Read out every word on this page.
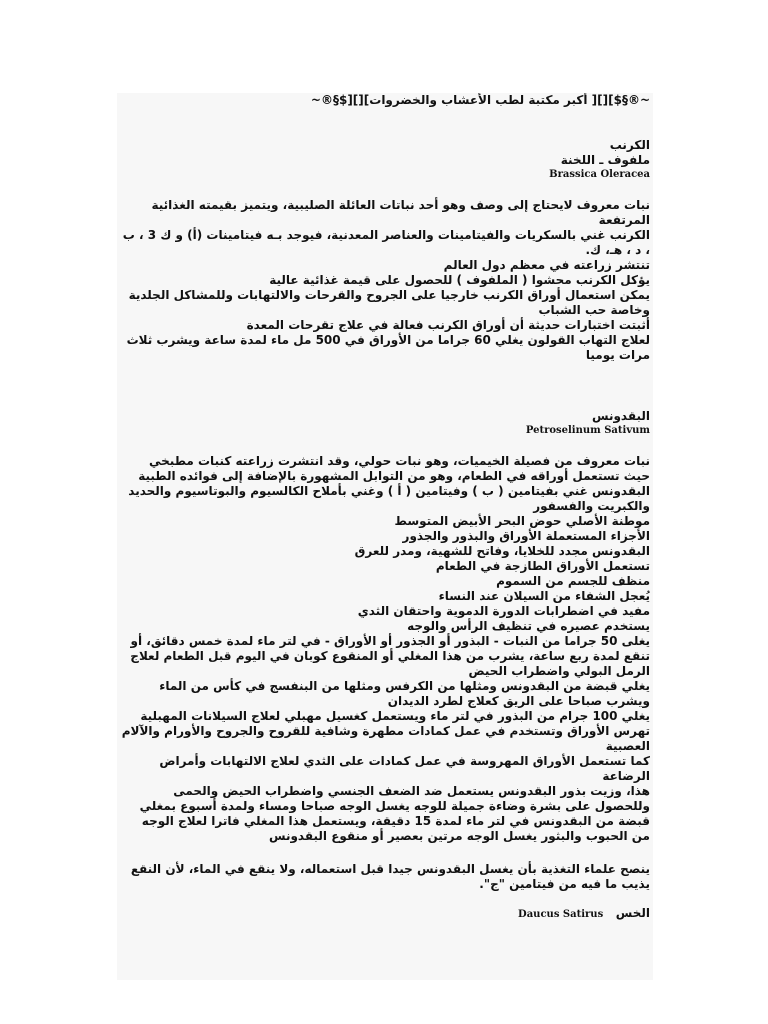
~®§$][][ أكبر مكتبة لطب الأعشاب والخضروات][][$§®~
الكرنب
ملفوف ـ اللخنة
Brassica Oleracea
نبات معروف لايحتاج إلى وصف وهو أحد نباتات العائلة الصليبية، ويتميز بقيمته الغذائية المرتفعة
الكرنب غني بالسكريات والفيتامينات والعناصر المعدنية، فيوجد بـه فيتامينات (أ) و ك 3 ، ب ، د ، هـ، ك.
تنتشر زراعته في معظم دول العالم
يؤكل الكرنب محشوا ( الملفوف ) للحصول على قيمة غذائية عالية
يمكن استعمال أوراق الكرنب خارجيا على الجروح والقرحات والالتهابات وللمشاكل الجلدية وخاصة حب الشباب
أثبتت اختبارات حديثة أن أوراق الكرنب فعالة في علاج تقرحات المعدة
لعلاج التهاب القولون يغلي 60 جراما من الأوراق في 500 مل ماء لمدة ساعة ويشرب ثلاث مرات يوميا
البقدونس
Petroselinum Sativum
نبات معروف من فصيلة الخيميات، وهو نبات حولي، وقد انتشرت زراعته كنبات مطبخي حيث تستعمل أوراقه في الطعام، وهو من التوابل المشهورة بالإضافة إلى فوائده الطبية
البقدونس غني بفيتامين ( ب ) وفيتامين ( أ ) وغني بأملاح الكالسيوم والبوتاسيوم والحديد والكبريت والفسفور
موطنة الأصلي حوض البحر الأبيض المتوسط
الأجزاء المستعملة الأوراق والبذور والجذور
البقدونس مجدد للخلايا، وفاتح للشهية، ومدر للعرق
تستعمل الأوراق الطازجة في الطعام
منظف للجسم من السموم
يُعجل الشفاء من السيلان عند النساء
مفيد في اضطرابات الدورة الدموية واحتقان الثدي
يستخدم عصيره في تنظيف الرأس والوجه
يغلى 50 جراما من النبات - البذور أو الجذور أو الأوراق - في لتر ماء لمدة خمس دقائق، أو تنقع لمدة ربع ساعة، يشرب من هذا المغلي أو المنقوع كوبان في اليوم قبل الطعام لعلاج الرمل البولي واضطراب الحيض
يغلي قبضة من البقدونس ومثلها من الكرفس ومثلها من البنفسج في كأس من الماء ويشرب صباحا على الريق كعلاج لطرد الديدان
يغلي 100 جرام من البذور في لتر ماء ويستعمل كغسيل مهبلي لعلاج السيلانات المهبلية
تهرس الأوراق وتستخدم في عمل كمادات مطهرة وشافية للقروح والجروح والأورام والآلام العصبية
كما تستعمل الأوراق المهروسة في عمل كمادات على الثدي لعلاج الالتهابات وأمراض الرضاعة
هذا، وزيت بذور البقدونس يستعمل ضد الضعف الجنسي واضطراب الحيض والحمى وللحصول على بشرة وضاءة جميلة للوجه يغسل الوجه صباحا ومساء ولمدة أسبوع بمغلي قبضة من البقدونس في لتر ماء لمدة 15 دقيقة، ويستعمل هذا المغلي فاترا لعلاج الوجه من الحبوب والبثور يغسل الوجه مرتين بعصير أو منقوع البقدونس
ينصح علماء التغذية بأن يغسل البقدونس جيدا قبل استعماله، ولا ينقع في الماء، لأن النقع يذيب ما فيه من فيتامين "ج".
الخس   Daucus Satirus
